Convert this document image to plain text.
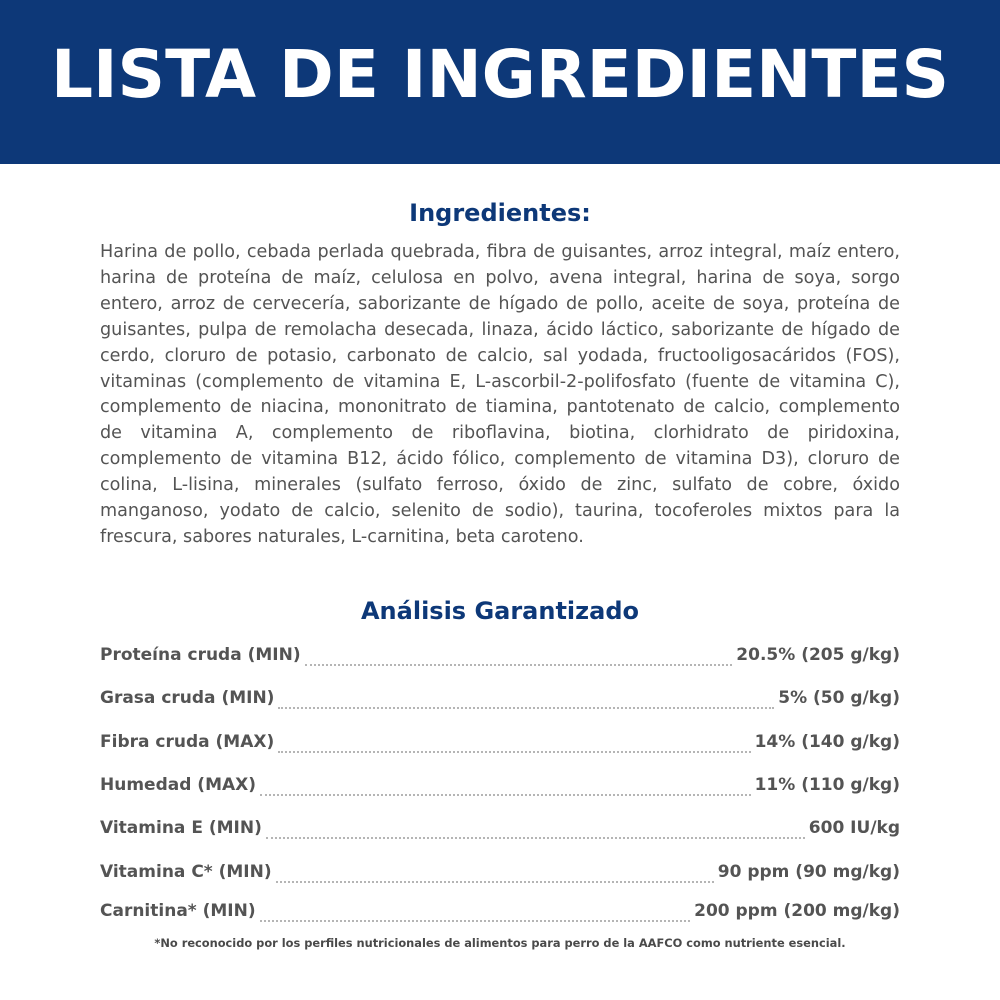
LISTA DE INGREDIENTES
Ingredientes:
Harina de pollo, cebada perlada quebrada, fibra de guisantes, arroz integral, maíz entero, harina de proteína de maíz, celulosa en polvo, avena integral, harina de soya, sorgo entero, arroz de cervecería, saborizante de hígado de pollo, aceite de soya, proteína de guisantes, pulpa de remolacha desecada, linaza, ácido láctico, saborizante de hígado de cerdo, cloruro de potasio, carbonato de calcio, sal yodada, fructooligosacáridos (FOS), vitaminas (complemento de vitamina E, L-ascorbil-2-polifosfato (fuente de vitamina C), complemento de niacina, mononitrato de tiamina, pantotenato de calcio, complemento de vitamina A, complemento de riboflavina, biotina, clorhidrato de piridoxina, complemento de vitamina B12, ácido fólico, complemento de vitamina D3), cloruro de colina, L-lisina, minerales (sulfato ferroso, óxido de zinc, sulfato de cobre, óxido manganoso, yodato de calcio, selenito de sodio), taurina, tocoferoles mixtos para la frescura, sabores naturales, L-carnitina, beta caroteno.
Análisis Garantizado
Proteína cruda (MIN)	20.5% (205 g/kg)
Grasa cruda (MIN)	5% (50 g/kg)
Fibra cruda (MAX)	14% (140 g/kg)
Humedad (MAX)	11% (110 g/kg)
Vitamina E (MIN)	600 IU/kg
Vitamina C* (MIN)	90 ppm (90 mg/kg)
Carnitina* (MIN)	200 ppm (200 mg/kg)
*No reconocido por los perfiles nutricionales de alimentos para perro de la AAFCO como nutriente esencial.
